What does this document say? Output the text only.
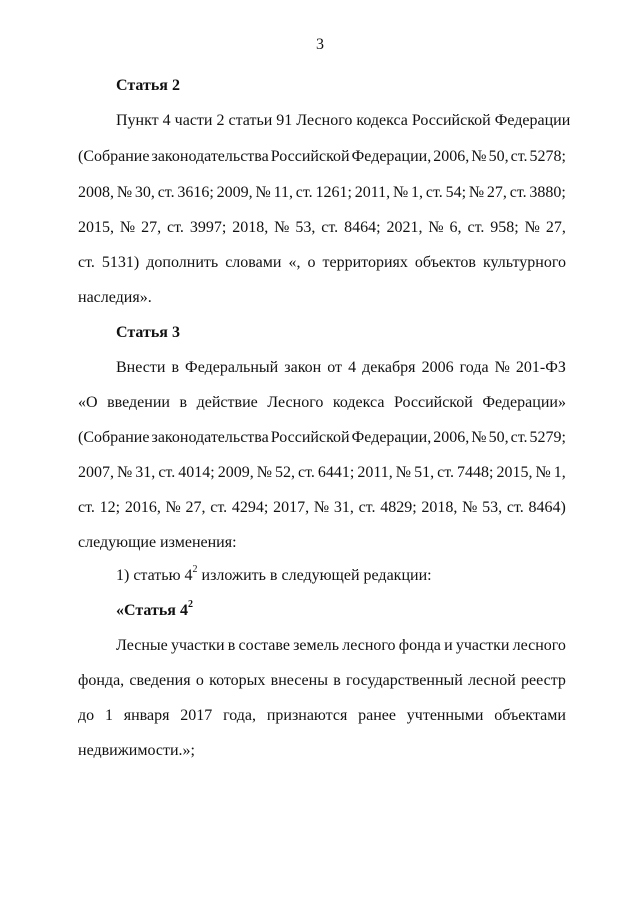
3
Статья 2
Пункт 4 части 2 статьи 91 Лесного кодекса Российской Федерации
(Собрание законодательства Российской Федерации, 2006, № 50, ст. 5278;
2008, № 30, ст. 3616; 2009, № 11, ст. 1261; 2011, № 1, ст. 54; № 27, ст. 3880;
2015, № 27, ст. 3997; 2018, № 53, ст. 8464; 2021, № 6, ст. 958; № 27,
ст. 5131) дополнить словами «, о территориях объектов культурного
наследия».
Статья 3
Внести в Федеральный закон от 4 декабря 2006 года № 201-ФЗ
«О введении в действие Лесного кодекса Российской Федерации»
(Собрание законодательства Российской Федерации, 2006, № 50, ст. 5279;
2007, № 31, ст. 4014; 2009, № 52, ст. 6441; 2011, № 51, ст. 7448; 2015, № 1,
ст. 12; 2016, № 27, ст. 4294; 2017, № 31, ст. 4829; 2018, № 53, ст. 8464)
следующие изменения:
1) статью $4^2$ изложить в следующей редакции:
«Статья $4^2$
Лесные участки в составе земель лесного фонда и участки лесного
фонда, сведения о которых внесены в государственный лесной реестр
до 1 января 2017 года, признаются ранее учтенными объектами
недвижимости.»;
